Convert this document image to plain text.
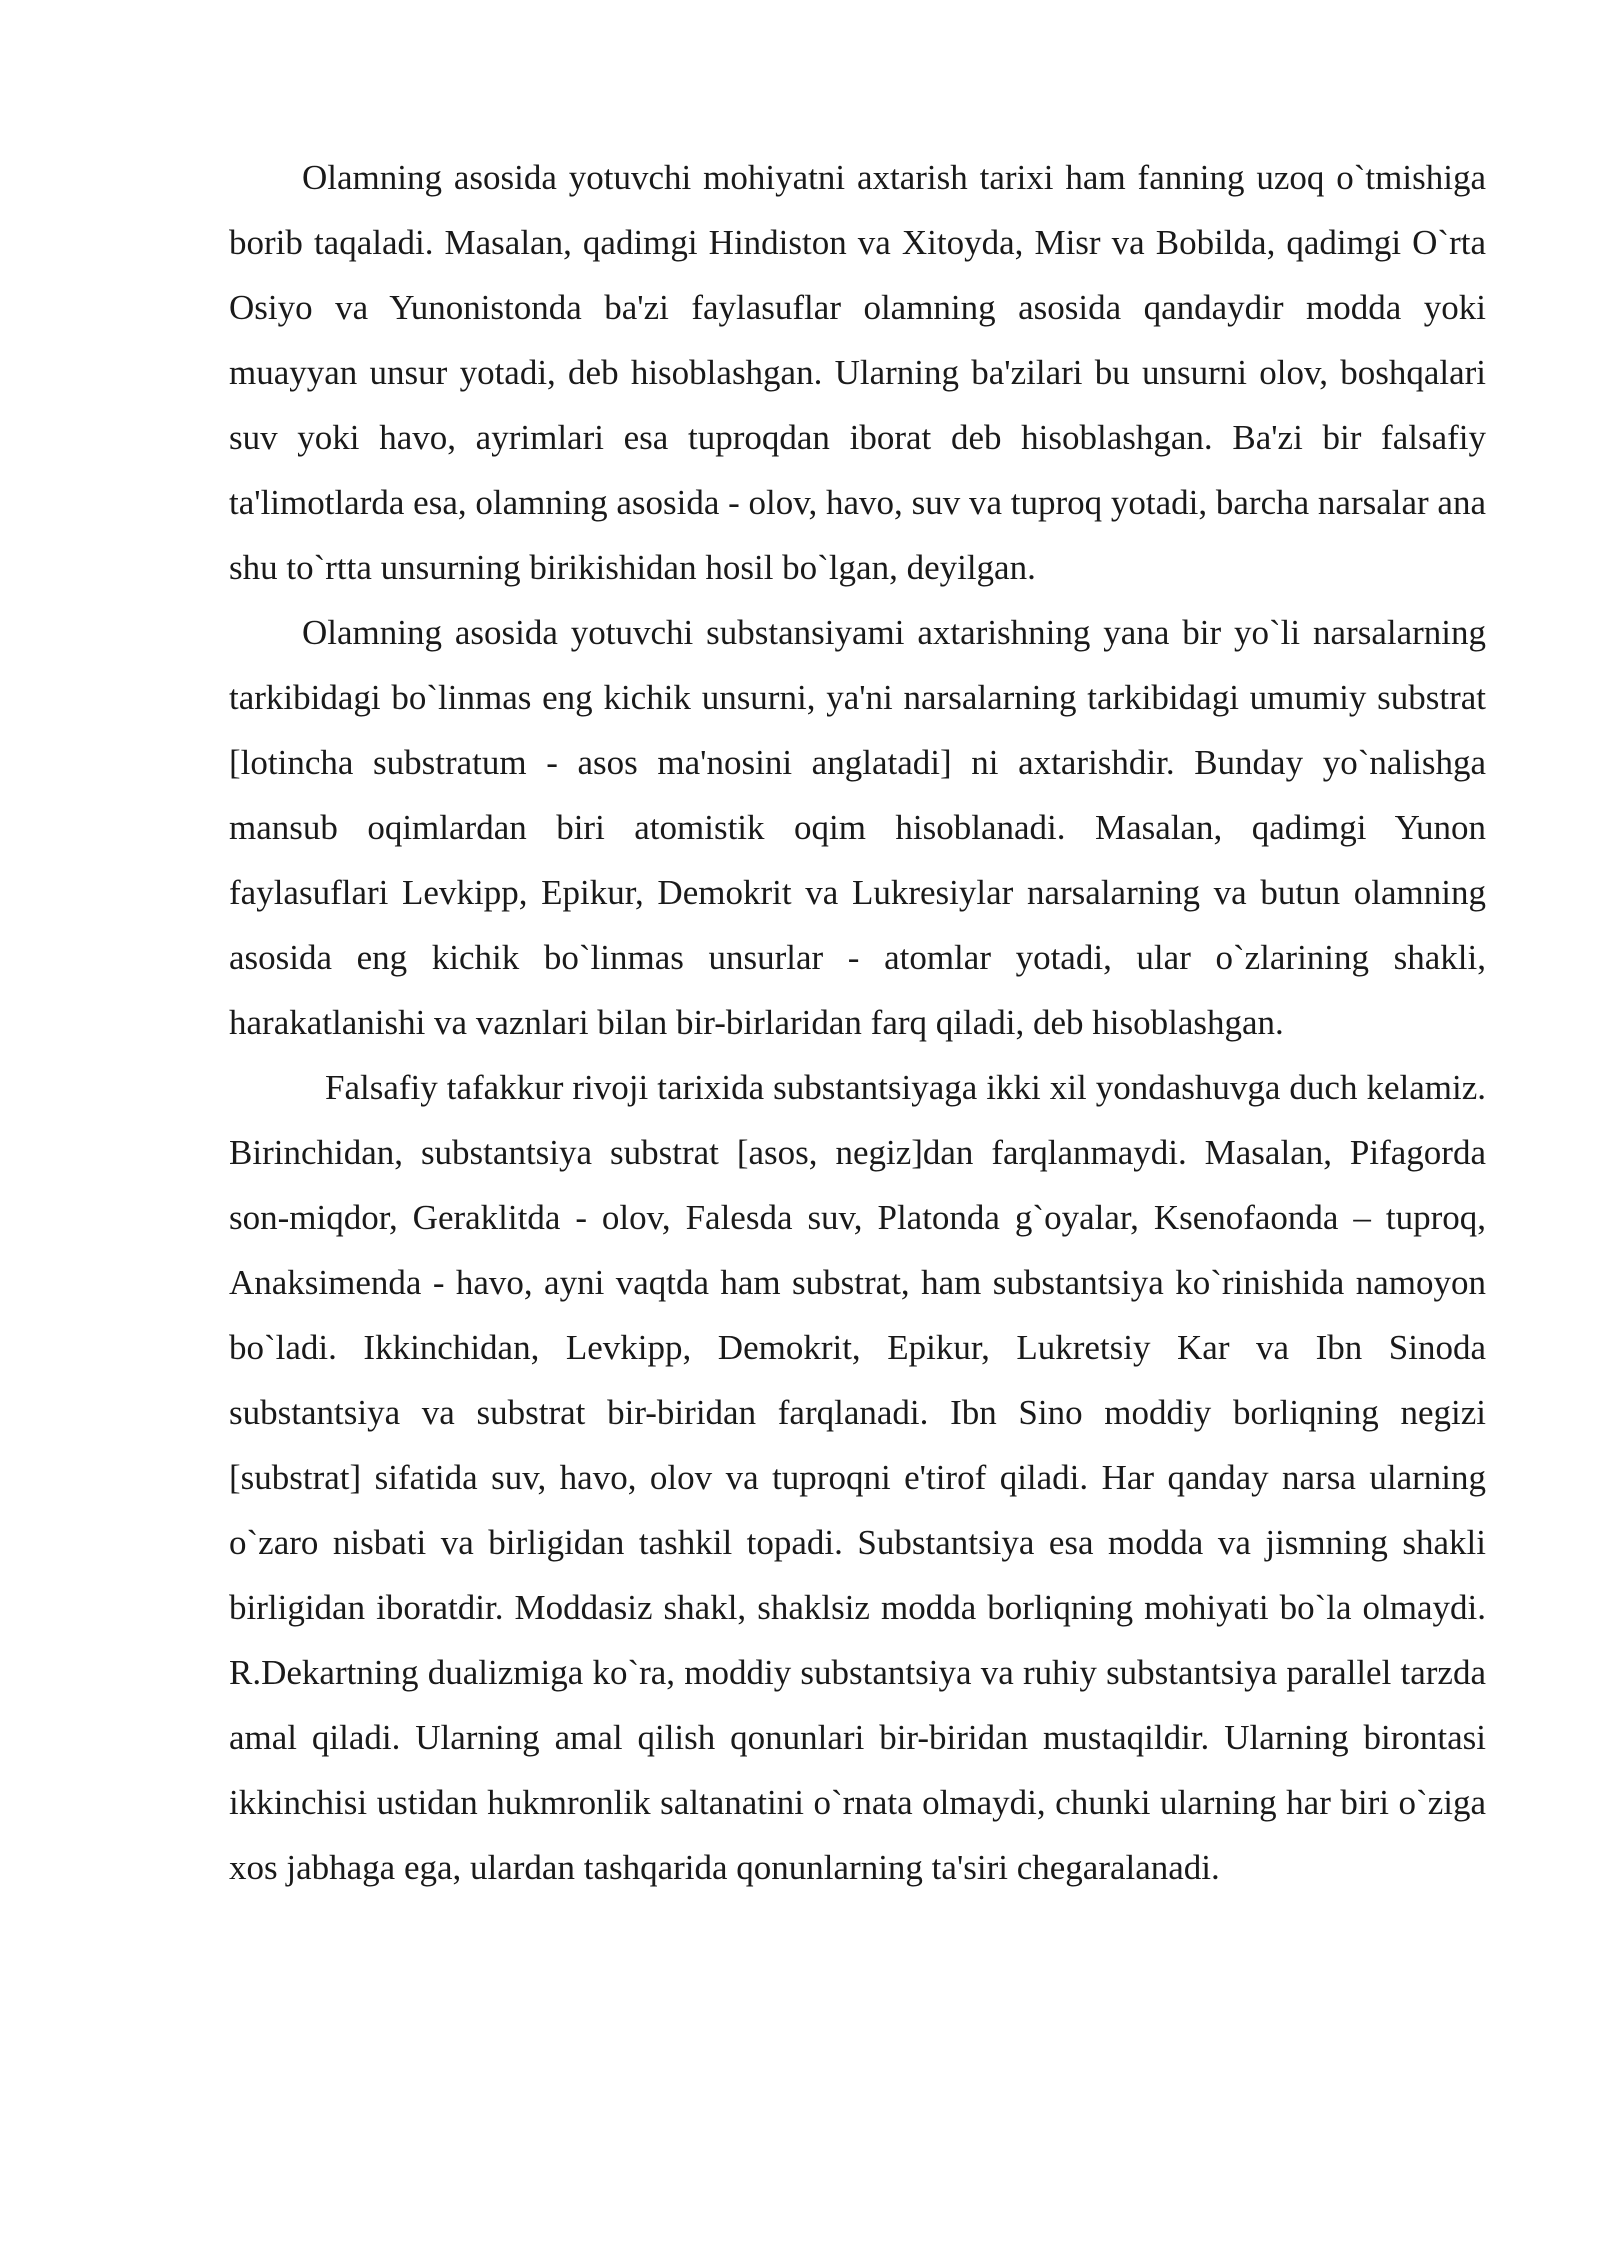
Olamning asosida yotuvchi mohiyatni axtarish tarixi ham fanning uzoq o`tmishiga borib taqaladi. Masalan, qadimgi Hindiston va Xitoyda, Misr va Bobilda, qadimgi O`rta Osiyo va Yunonistonda ba'zi faylasuflar olamning asosida qandaydir modda yoki muayyan unsur yotadi, deb hisoblashgan. Ularning ba'zilari bu unsurni olov, boshqalari suv yoki havo, ayrimlari esa tuproqdan iborat deb hisoblashgan. Ba'zi bir falsafiy ta'limotlarda esa, olamning asosida - olov, havo, suv va tuproq yotadi, barcha narsalar ana shu to`rtta unsurning birikishidan hosil bo`lgan, deyilgan.

Olamning asosida yotuvchi substansiyami axtarishning yana bir yo`li narsalarning tarkibidagi bo`linmas eng kichik unsurni, ya'ni narsalarning tarkibidagi umumiy substrat [lotincha substratum - asos ma'nosini anglatadi] ni axtarishdir. Bunday yo`nalishga mansub oqimlardan biri atomistik oqim hisoblanadi. Masalan, qadimgi Yunon faylasuflari Levkipp, Epikur, Demokrit va Lukresiylar narsalarning va butun olamning asosida eng kichik bo`linmas unsurlar - atomlar yotadi, ular o`zlarining shakli, harakatlanishi va vaznlari bilan bir-birlaridan farq qiladi, deb hisoblashgan.

Falsafiy tafakkur rivoji tarixida substantsiyaga ikki xil yondashuvga duch kelamiz. Birinchidan, substantsiya substrat [asos, negiz]dan farqlanmaydi. Masalan, Pifagorda son-miqdor, Geraklitda - olov, Falesda suv, Platonda g`oyalar, Ksenofaonda – tuproq, Anaksimenda - havo, ayni vaqtda ham substrat, ham substantsiya ko`rinishida namoyon bo`ladi. Ikkinchidan, Levkipp, Demokrit, Epikur, Lukretsiy Kar va Ibn Sinoda substantsiya va substrat bir-biridan farqlanadi. Ibn Sino moddiy borliqning negizi [substrat] sifatida suv, havo, olov va tuproqni e'tirof qiladi. Har qanday narsa ularning o`zaro nisbati va birligidan tashkil topadi. Substantsiya esa modda va jismning shakli birligidan iboratdir. Moddasiz shakl, shaklsiz modda borliqning mohiyati bo`la olmaydi. R.Dekartning dualizmiga ko`ra, moddiy substantsiya va ruhiy substantsiya parallel tarzda amal qiladi. Ularning amal qilish qonunlari bir-biridan mustaqildir. Ularning birontasi ikkinchisi ustidan hukmronlik saltanatini o`rnata olmaydi, chunki ularning har biri o`ziga xos jabhaga ega, ulardan tashqarida qonunlarning ta'siri chegaralanadi.
